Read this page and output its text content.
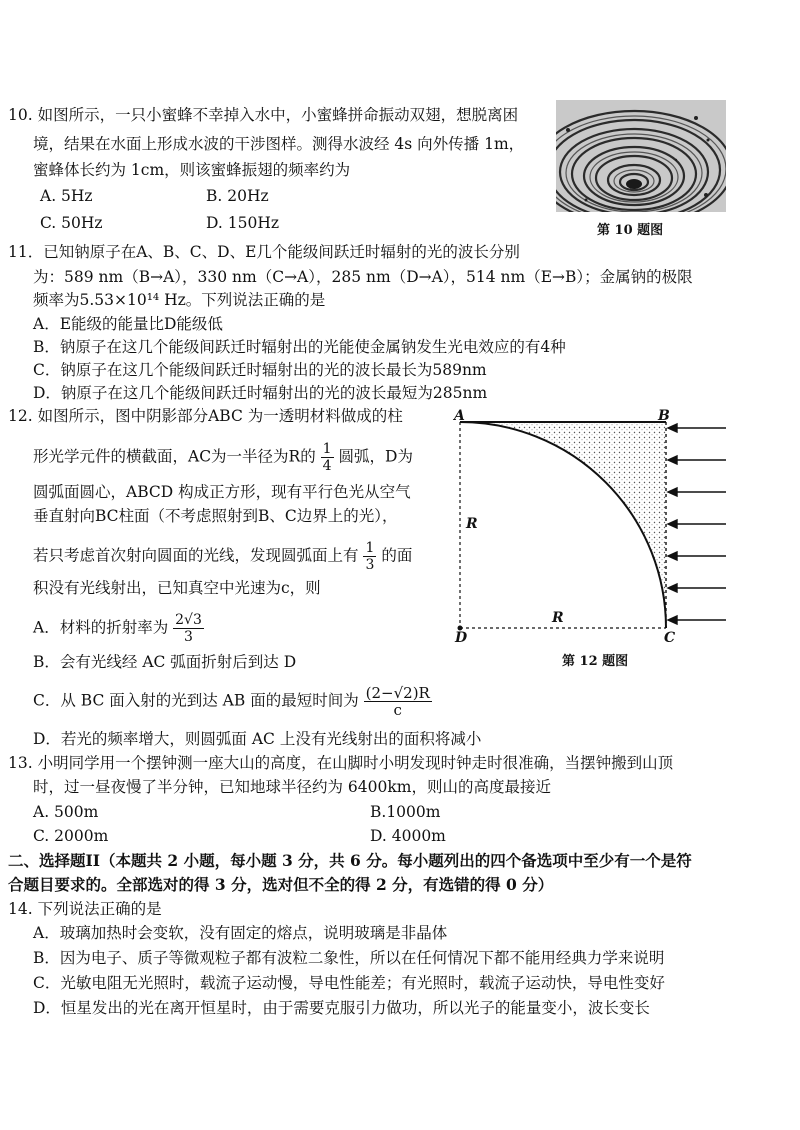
10. 如图所示，一只小蜜蜂不幸掉入水中，小蜜蜂拼命振动双翅，想脱离困
境，结果在水面上形成水波的干涉图样。测得水波经 4s 向外传播 1m，
蜜蜂体长约为 1cm，则该蜜蜂振翅的频率约为
A. 5Hz	B. 20Hz
C. 50Hz	D. 150Hz	第 10 题图
11．已知钠原子在A、B、C、D、E几个能级间跃迁时辐射的光的波长分别
为：589 nm（B→A），330 nm（C→A），285 nm（D→A），514 nm（E→B）；金属钠的极限
频率为5.53×10¹⁴ Hz。下列说法正确的是
A．E能级的能量比D能级低
B．钠原子在这几个能级间跃迁时辐射出的光能使金属钠发生光电效应的有4种
C．钠原子在这几个能级间跃迁时辐射出的光的波长最长为589nm
D．钠原子在这几个能级间跃迁时辐射出的光的波长最短为285nm
12. 如图所示，图中阴影部分ABC 为一透明材料做成的柱
形光学元件的横截面，AC为一半径为R的 $\frac{1}{4}$ 圆弧，D为
圆弧面圆心，ABCD 构成正方形，现有平行色光从空气
垂直射向BC柱面（不考虑照射到B、C边界上的光），
若只考虑首次射向圆面的光线，发现圆弧面上有 $\frac{1}{3}$ 的面
积没有光线射出，已知真空中光速为c，则
A．材料的折射率为 $\frac{2√3}{3}$
B．会有光线经 AC 弧面折射后到达 D
C．从 BC 面入射的光到达 AB 面的最短时间为 $\frac{(2-√2)R}{c}$
D．若光的频率增大，则圆弧面 AC 上没有光线射出的面积将减小
A	B
C
D
R
R
第 12 题图
13. 小明同学用一个摆钟测一座大山的高度，在山脚时小明发现时钟走时很准确，当摆钟搬到山顶
时，过一昼夜慢了半分钟，已知地球半径约为 6400km，则山的高度最接近
A. 500m	B.1000m
C. 2000m	D. 4000m
二、选择题II（本题共 2 小题，每小题 3 分，共 6 分。每小题列出的四个备选项中至少有一个是符
合题目要求的。全部选对的得 3 分，选对但不全的得 2 分，有选错的得 0 分）
14. 下列说法正确的是
A．玻璃加热时会变软，没有固定的熔点，说明玻璃是非晶体
B．因为电子、质子等微观粒子都有波粒二象性，所以在任何情况下都不能用经典力学来说明
C．光敏电阻无光照时，载流子运动慢，导电性能差；有光照时，载流子运动快，导电性变好
D．恒星发出的光在离开恒星时，由于需要克服引力做功，所以光子的能量变小，波长变长
